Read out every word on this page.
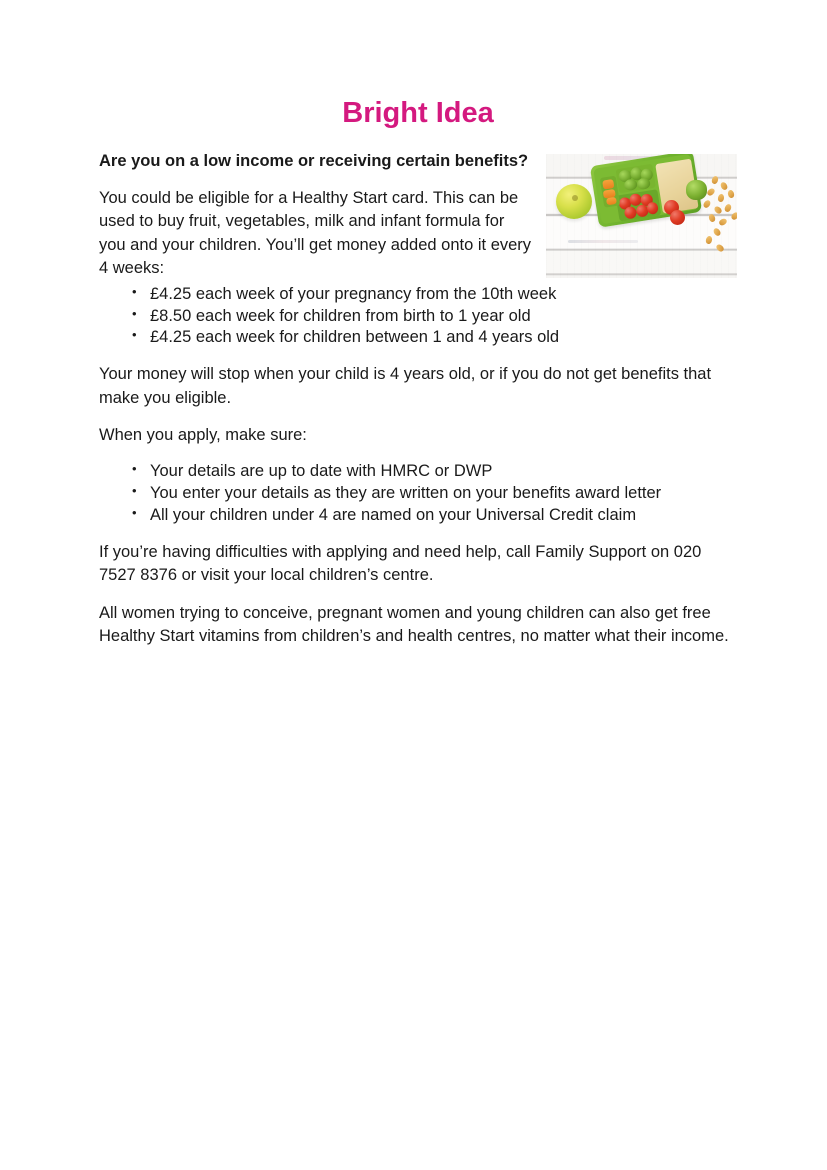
Bright Idea
Are you on a low income or receiving certain benefits?

You could be eligible for a Healthy Start card. This can be used to buy fruit, vegetables, milk and infant formula for you and your children. You’ll get money added onto it every 4 weeks:

• £4.25 each week of your pregnancy from the 10th week
• £8.50 each week for children from birth to 1 year old
• £4.25 each week for children between 1 and 4 years old

Your money will stop when your child is 4 years old, or if you do not get benefits that make you eligible.

When you apply, make sure:

• Your details are up to date with HMRC or DWP
• You enter your details as they are written on your benefits award letter
• All your children under 4 are named on your Universal Credit claim

If you’re having difficulties with applying and need help, call Family Support on 020 7527 8376 or visit your local children’s centre.

All women trying to conceive, pregnant women and young children can also get free Healthy Start vitamins from children’s and health centres, no matter what their income.
